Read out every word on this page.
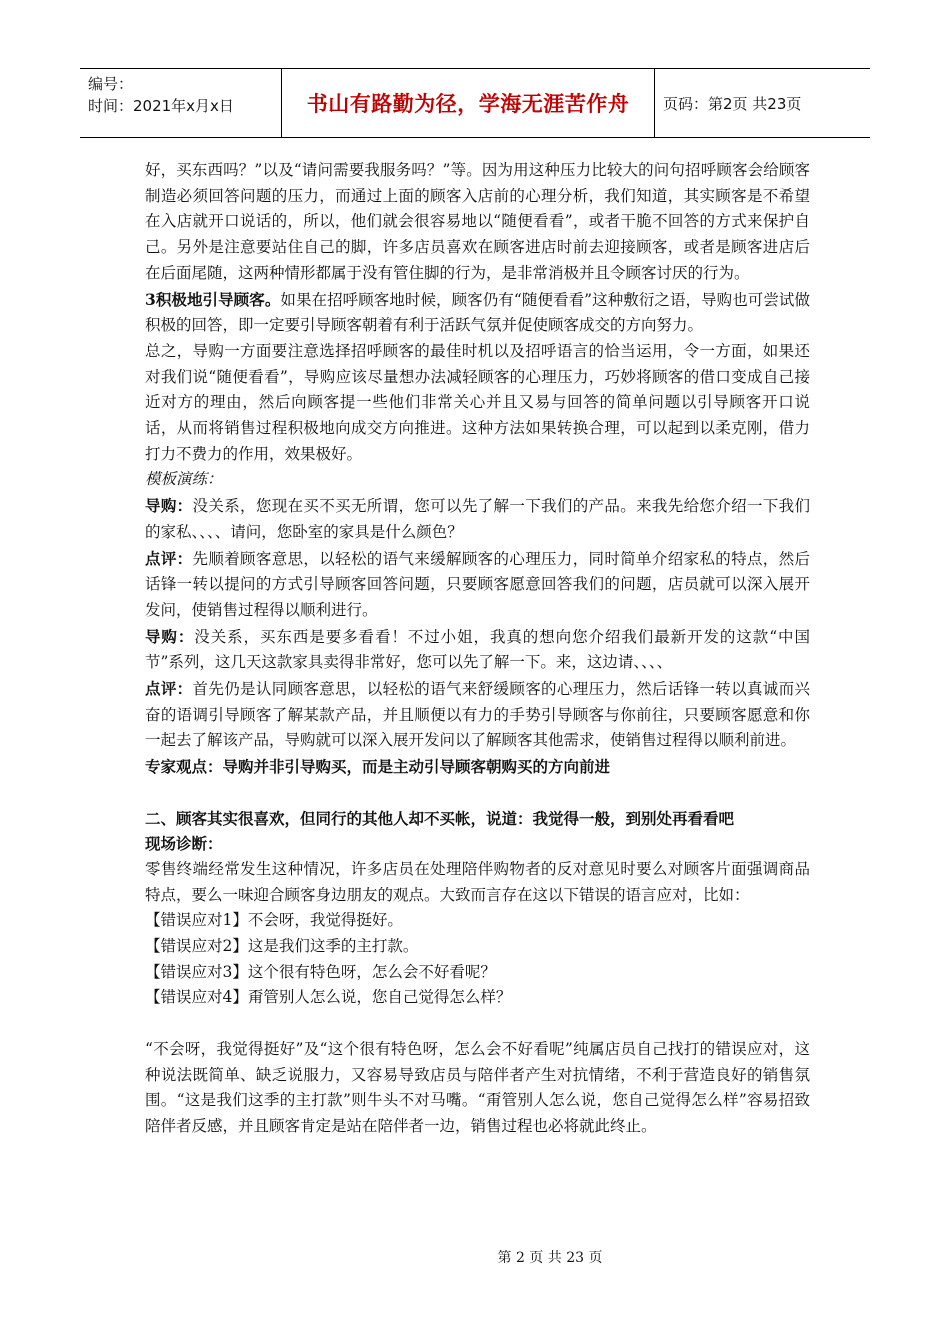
编号：
时间：2021年x月x日	书山有路勤为径，学海无涯苦作舟	页码：第2页 共23页

好，买东西吗？”以及“请问需要我服务吗？”等。因为用这种压力比较大的问句招呼顾客会给顾客制造必须回答问题的压力，而通过上面的顾客入店前的心理分析，我们知道，其实顾客是不希望在入店就开口说话的，所以，他们就会很容易地以“随便看看”，或者干脆不回答的方式来保护自己。另外是注意要站住自己的脚，许多店员喜欢在顾客进店时前去迎接顾客，或者是顾客进店后在后面尾随，这两种情形都属于没有管住脚的行为，是非常消极并且令顾客讨厌的行为。

3积极地引导顾客。如果在招呼顾客地时候，顾客仍有“随便看看”这种敷衍之语，导购也可尝试做积极的回答，即一定要引导顾客朝着有利于活跃气氛并促使顾客成交的方向努力。

总之，导购一方面要注意选择招呼顾客的最佳时机以及招呼语言的恰当运用，令一方面，如果还对我们说“随便看看”，导购应该尽量想办法减轻顾客的心理压力，巧妙将顾客的借口变成自己接近对方的理由，然后向顾客提一些他们非常关心并且又易与回答的简单问题以引导顾客开口说话，从而将销售过程积极地向成交方向推进。这种方法如果转换合理，可以起到以柔克刚，借力打力不费力的作用，效果极好。

模板演练：

导购：没关系，您现在买不买无所谓，您可以先了解一下我们的产品。来我先给您介绍一下我们的家私、、、、请问，您卧室的家具是什么颜色？

点评：先顺着顾客意思，以轻松的语气来缓解顾客的心理压力，同时简单介绍家私的特点，然后话锋一转以提问的方式引导顾客回答问题，只要顾客愿意回答我们的问题，店员就可以深入展开发问，使销售过程得以顺利进行。

导购：没关系，买东西是要多看看！不过小姐，我真的想向您介绍我们最新开发的这款“中国节”系列，这几天这款家具卖得非常好，您可以先了解一下。来，这边请、、、、

点评：首先仍是认同顾客意思，以轻松的语气来舒缓顾客的心理压力，然后话锋一转以真诚而兴奋的语调引导顾客了解某款产品，并且顺便以有力的手势引导顾客与你前往，只要顾客愿意和你一起去了解该产品，导购就可以深入展开发问以了解顾客其他需求，使销售过程得以顺利前进。

专家观点：导购并非引导购买，而是主动引导顾客朝购买的方向前进

二、顾客其实很喜欢，但同行的其他人却不买帐，说道：我觉得一般，到别处再看看吧

现场诊断：

零售终端经常发生这种情况，许多店员在处理陪伴购物者的反对意见时要么对顾客片面强调商品特点，要么一味迎合顾客身边朋友的观点。大致而言存在这以下错误的语言应对，比如：

【错误应对1】不会呀，我觉得挺好。

【错误应对2】这是我们这季的主打款。

【错误应对3】这个很有特色呀，怎么会不好看呢？

【错误应对4】甭管别人怎么说，您自己觉得怎么样？

“不会呀，我觉得挺好”及“这个很有特色呀，怎么会不好看呢”纯属店员自己找打的错误应对，这种说法既简单、缺乏说服力，又容易导致店员与陪伴者产生对抗情绪，不利于营造良好的销售氛围。“这是我们这季的主打款”则牛头不对马嘴。“甭管别人怎么说，您自己觉得怎么样”容易招致陪伴者反感，并且顾客肯定是站在陪伴者一边，销售过程也必将就此终止。

第 2 页 共 23 页
